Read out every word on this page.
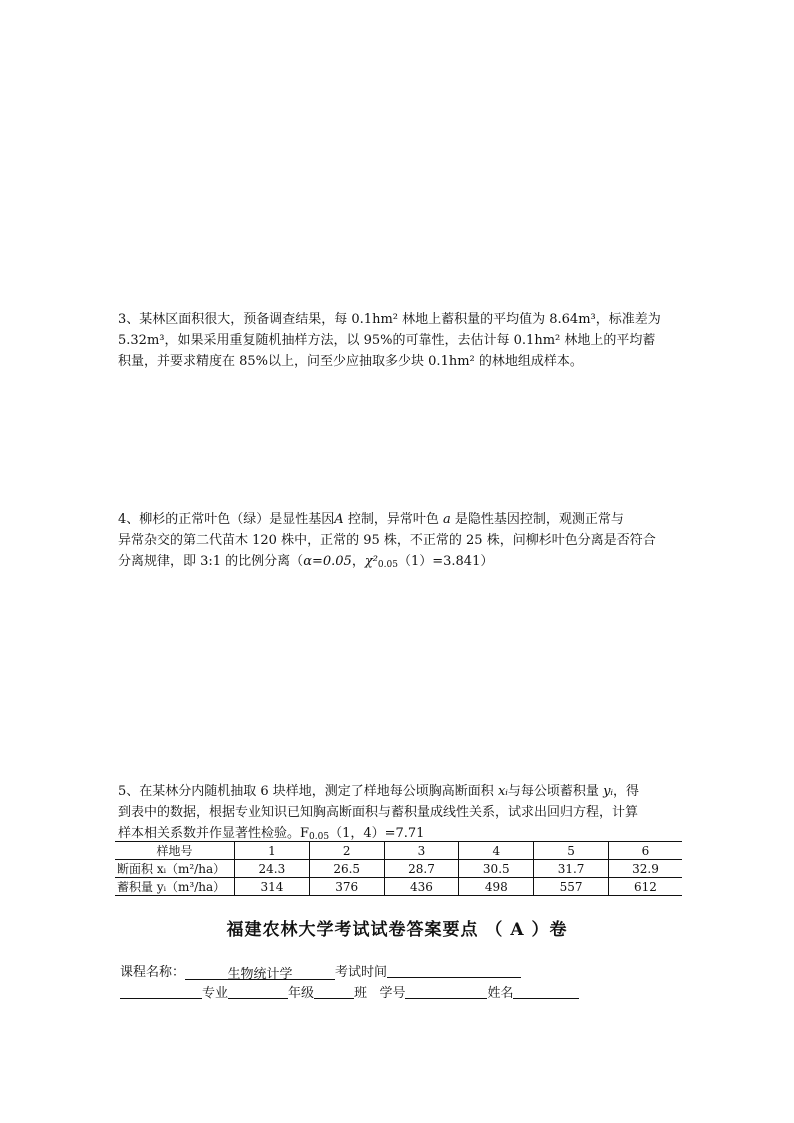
3、某林区面积很大，预备调查结果，每 0.1hm² 林地上蓄积量的平均值为 8.64m³，标准差为

5.32m³，如果采用重复随机抽样方法，以 95%的可靠性，去估计每 0.1hm² 林地上的平均蓄

积量，并要求精度在 85%以上，问至少应抽取多少块 0.1hm² 的林地组成样本。

4、柳杉的正常叶色（绿）是显性基因A 控制，异常叶色 a 是隐性基因控制，观测正常与

异常杂交的第二代苗木 120 株中，正常的 95 株，不正常的 25 株，问柳杉叶色分离是否符合

分离规律，即 3:1 的比例分离（α=0.05，$\chi^2_{0.05}(1)=3.841$）

5、在某林分内随机抽取 6 块样地，测定了样地每公顷胸高断面积 xᵢ与每公顷蓄积量 yᵢ，得

到表中的数据，根据专业知识已知胸高断面积与蓄积量成线性关系，试求出回归方程，计算

样本相关系数并作显著性检验。$F_{0.05}(1$，4）=7.71

样地号	1	2	3	4	5	6
断面积 xᵢ（m²/ha）	24.3	26.5	28.7	30.5	31.7	32.9
蓄积量 yᵢ（m³/ha）	314	376	436	498	557	612
福建农林大学考试试卷答案要点 （ A ）卷
课程名称：	生物统计学	考试时间
专业	年级	班 学号	姓名
